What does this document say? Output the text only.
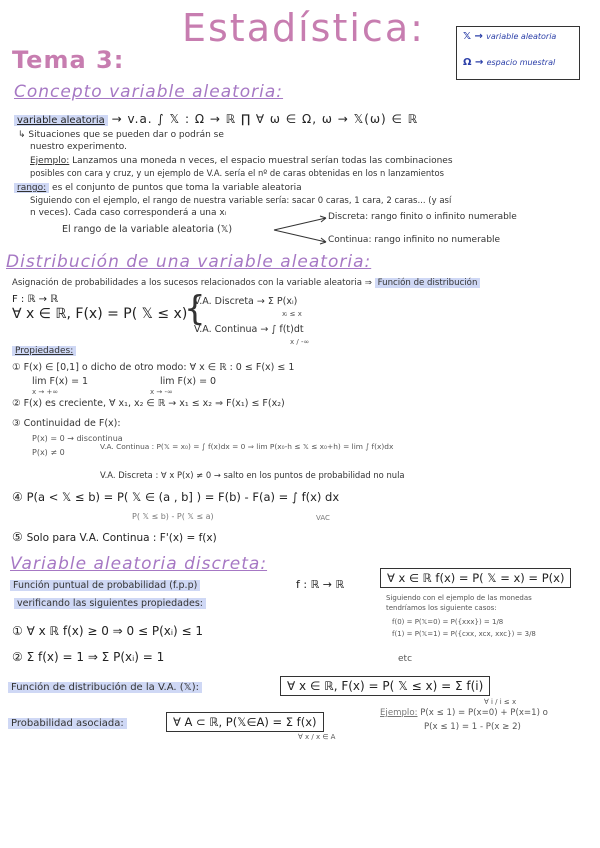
Estadística:
Tema 3:
𝕏 → variable aleatoria
Ω → espacio muestral
Concepto variable aleatoria:
variable aleatoria → v.a. ∫ 𝕏 : Ω → ℝ ∏ ∀ ω ∈ Ω, ω → 𝕏(ω) ∈ ℝ
↳ Situaciones que se pueden dar o podrán se
nuestro experimento.
Ejemplo: Lanzamos una moneda n veces, el espacio muestral serían todas las combinaciones
posibles con cara y cruz, y un ejemplo de V.A. sería el nº de caras obtenidas en los n lanzamientos
rango: es el conjunto de puntos que toma la variable aleatoria
Siguiendo con el ejemplo, el rango de nuestra variable sería: sacar 0 caras, 1 cara, 2 caras... (y así
n veces). Cada caso corresponderá a una xᵢ
El rango de la variable aleatoria (𝕏)
Discreta: rango finito o infinito numerable
Continua: rango infinito no numerable
Distribución de una variable aleatoria:
Asignación de probabilidades a los sucesos relacionados con la variable aleatoria ⇒ Función de distribución
F : ℝ → ℝ
∀ x ∈ ℝ, F(x) = P( 𝕏 ≤ x)
{
V.A. Discreta → Σ P(xᵢ)
xᵢ ≤ x
V.A. Continua → ∫ f(t)dt
x / -∞
Propiedades:
① F(x) ∈ [0,1] o dicho de otro modo: ∀ x ∈ ℝ : 0 ≤ F(x) ≤ 1
lim F(x) = 1
x → +∞
lim F(x) = 0
x → -∞
② F(x) es creciente, ∀ x₁, x₂ ∈ ℝ → x₁ ≤ x₂ ⇒ F(x₁) ≤ F(x₂)
③ Continuidad de F(x):
P(x) = 0 → discontinua
P(x) ≠ 0
V.A. Continua : P(𝕏 = x₀) = ∫ f(x)dx = 0 ⇒ lim P(x₀-h ≤ 𝕏 ≤ x₀+h) = lim ∫ f(x)dx
V.A. Discreta : ∀ x P(x) ≠ 0 → salto en los puntos de probabilidad no nula
④ P(a < 𝕏 ≤ b) = P( 𝕏 ∈ (a , b] ) = F(b) - F(a) = ∫ f(x) dx
P( 𝕏 ≤ b) - P( 𝕏 ≤ a)	VAC
⑤ Solo para V.A. Continua : F'(x) = f(x)
Variable aleatoria discreta:
Función puntual de probabilidad (f.p.p)	f : ℝ → ℝ	∀ x ∈ ℝ f(x) = P( 𝕏 = x) = P(x)
verificando las siguientes propiedades:	Siguiendo con el ejemplo de las monedas
tendríamos los siguiente casos:
f(0) = P(𝕏=0) = P({xxx}) = 1/8
f(1) = P(𝕏=1) = P({cxx, xcx, xxc}) = 3/8
etc
① ∀ x ℝ f(x) ≥ 0 ⇒ 0 ≤ P(xᵢ) ≤ 1
② Σ f(x) = 1 ⇒ Σ P(xᵢ) = 1
Función de distribución de la V.A. (𝕏):	∀ x ∈ ℝ, F(x) = P( 𝕏 ≤ x) = Σ f(i)
∀ i / i ≤ x
Probabilidad asociada:	∀ A ⊂ ℝ, P(𝕏∈A) = Σ f(x)
∀ x / x ∈ A
Ejemplo: P(x ≤ 1) = P(x=0) + P(x=1) o
P(x ≤ 1) = 1 - P(x ≥ 2)
